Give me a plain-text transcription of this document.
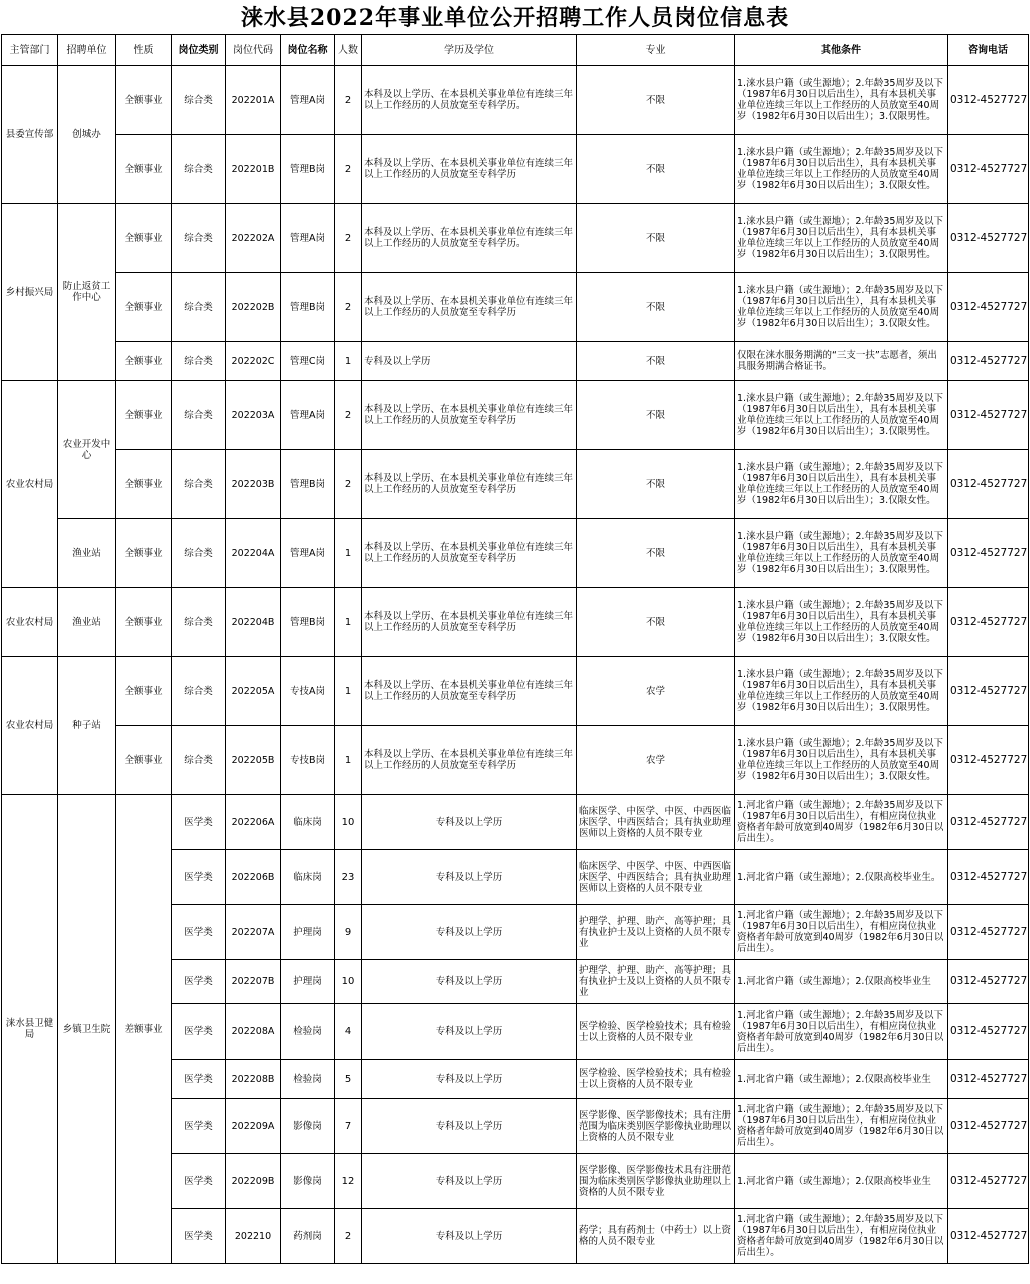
涞水县2022年事业单位公开招聘工作人员岗位信息表
主管部门	招聘单位	性质	岗位类别	岗位代码	岗位名称	人数	学历及学位	专业	其他条件	咨询电话
县委宣传部	创城办	全额事业	综合类	202201A	管理A岗	2	本科及以上学历、在本县机关事业单位有连续三年以上工作经历的人员放宽至专科学历。	不限	1.涞水县户籍（或生源地）；2.年龄35周岁及以下（1987年6月30日以后出生），具有本县机关事业单位连续三年以上工作经历的人员放宽至40周岁（1982年6月30日以后出生）；3.仅限男性。	0312-4527727
		全额事业	综合类	202201B	管理B岗	2	本科及以上学历、在本县机关事业单位有连续三年以上工作经历的人员放宽至专科学历	不限	1.涞水县户籍（或生源地）；2.年龄35周岁及以下（1987年6月30日以后出生），具有本县机关事业单位连续三年以上工作经历的人员放宽至40周岁（1982年6月30日以后出生）；3.仅限女性。	0312-4527727
乡村振兴局	防止返贫工作中心	全额事业	综合类	202202A	管理A岗	2	本科及以上学历、在本县机关事业单位有连续三年以上工作经历的人员放宽至专科学历。	不限	1.涞水县户籍（或生源地）；2.年龄35周岁及以下（1987年6月30日以后出生），具有本县机关事业单位连续三年以上工作经历的人员放宽至40周岁（1982年6月30日以后出生）；3.仅限男性。	0312-4527727
		全额事业	综合类	202202B	管理B岗	2	本科及以上学历、在本县机关事业单位有连续三年以上工作经历的人员放宽至专科学历	不限	1.涞水县户籍（或生源地）；2.年龄35周岁及以下（1987年6月30日以后出生），具有本县机关事业单位连续三年以上工作经历的人员放宽至40周岁（1982年6月30日以后出生）；3.仅限女性。	0312-4527727
		全额事业	综合类	202202C	管理C岗	1	专科及以上学历	不限	仅限在涞水服务期满的“三支一扶”志愿者，须出具服务期满合格证书。	0312-4527727
农业农村局	农业开发中心	全额事业	综合类	202203A	管理A岗	2	本科及以上学历、在本县机关事业单位有连续三年以上工作经历的人员放宽至专科学历	不限	1.涞水县户籍（或生源地）；2.年龄35周岁及以下（1987年6月30日以后出生），具有本县机关事业单位连续三年以上工作经历的人员放宽至40周岁（1982年6月30日以后出生）；3.仅限男性。	0312-4527727
		全额事业	综合类	202203B	管理B岗	2	本科及以上学历、在本县机关事业单位有连续三年以上工作经历的人员放宽至专科学历	不限	1.涞水县户籍（或生源地）；2.年龄35周岁及以下（1987年6月30日以后出生），具有本县机关事业单位连续三年以上工作经历的人员放宽至40周岁（1982年6月30日以后出生）；3.仅限女性。	0312-4527727
	渔业站	全额事业	综合类	202204A	管理A岗	1	本科及以上学历、在本县机关事业单位有连续三年以上工作经历的人员放宽至专科学历	不限	1.涞水县户籍（或生源地）；2.年龄35周岁及以下（1987年6月30日以后出生），具有本县机关事业单位连续三年以上工作经历的人员放宽至40周岁（1982年6月30日以后出生）；3.仅限男性。	0312-4527727
农业农村局	渔业站	全额事业	综合类	202204B	管理B岗	1	本科及以上学历、在本县机关事业单位有连续三年以上工作经历的人员放宽至专科学历	不限	1.涞水县户籍（或生源地）；2.年龄35周岁及以下（1987年6月30日以后出生），具有本县机关事业单位连续三年以上工作经历的人员放宽至40周岁（1982年6月30日以后出生）；3.仅限女性。	0312-4527727
农业农村局	种子站	全额事业	综合类	202205A	专技A岗	1	本科及以上学历、在本县机关事业单位有连续三年以上工作经历的人员放宽至专科学历	农学	1.涞水县户籍（或生源地）；2.年龄35周岁及以下（1987年6月30日以后出生），具有本县机关事业单位连续三年以上工作经历的人员放宽至40周岁（1982年6月30日以后出生）；3.仅限男性。	0312-4527727
		全额事业	综合类	202205B	专技B岗	1	本科及以上学历、在本县机关事业单位有连续三年以上工作经历的人员放宽至专科学历	农学	1.涞水县户籍（或生源地）；2.年龄35周岁及以下（1987年6月30日以后出生），具有本县机关事业单位连续三年以上工作经历的人员放宽至40周岁（1982年6月30日以后出生）；3.仅限女性。	0312-4527727
涞水县卫健局	乡镇卫生院	差额事业	医学类	202206A	临床岗	10	专科及以上学历	临床医学、中医学、中医、中西医临床医学、中西医结合；具有执业助理医师以上资格的人员不限专业	1.河北省户籍（或生源地）；2.年龄35周岁及以下（1987年6月30日以后出生），有相应岗位执业资格者年龄可放宽到40周岁（1982年6月30日以后出生）。	0312-4527727
			医学类	202206B	临床岗	23	专科及以上学历	临床医学、中医学、中医、中西医临床医学、中西医结合；具有执业助理医师以上资格的人员不限专业	1.河北省户籍（或生源地）；2.仅限高校毕业生。	0312-4527727
			医学类	202207A	护理岗	9	专科及以上学历	护理学、护理、助产、高等护理；具有执业护士及以上资格的人员不限专业	1.河北省户籍（或生源地）；2.年龄35周岁及以下（1987年6月30日以后出生），有相应岗位执业资格者年龄可放宽到40周岁（1982年6月30日以后出生）。	0312-4527727
			医学类	202207B	护理岗	10	专科及以上学历	护理学、护理、助产、高等护理；具有执业护士及以上资格的人员不限专业	1.河北省户籍（或生源地）；2.仅限高校毕业生	0312-4527727
			医学类	202208A	检验岗	4	专科及以上学历	医学检验、医学检验技术；具有检验士以上资格的人员不限专业	1.河北省户籍（或生源地）；2.年龄35周岁及以下（1987年6月30日以后出生），有相应岗位执业资格者年龄可放宽到40周岁（1982年6月30日以后出生）。	0312-4527727
			医学类	202208B	检验岗	5	专科及以上学历	医学检验、医学检验技术；具有检验士以上资格的人员不限专业	1.河北省户籍（或生源地）；2.仅限高校毕业生	0312-4527727
			医学类	202209A	影像岗	7	专科及以上学历	医学影像、医学影像技术；具有注册范围为临床类别医学影像执业助理以上资格的人员不限专业	1.河北省户籍（或生源地）；2.年龄35周岁及以下（1987年6月30日以后出生），有相应岗位执业资格者年龄可放宽到40周岁（1982年6月30日以后出生）。	0312-4527727
			医学类	202209B	影像岗	12	专科及以上学历	医学影像、医学影像技术具有注册范围为临床类别医学影像执业助理以上资格的人员不限专业	1.河北省户籍（或生源地）；2.仅限高校毕业生	0312-4527727
			医学类	202210	药剂岗	2	专科及以上学历	药学；具有药剂士（中药士）以上资格的人员不限专业	1.河北省户籍（或生源地）；2.年龄35周岁及以下（1987年6月30日以后出生），有相应岗位执业资格者年龄可放宽到40周岁（1982年6月30日以后出生）。	0312-4527727
